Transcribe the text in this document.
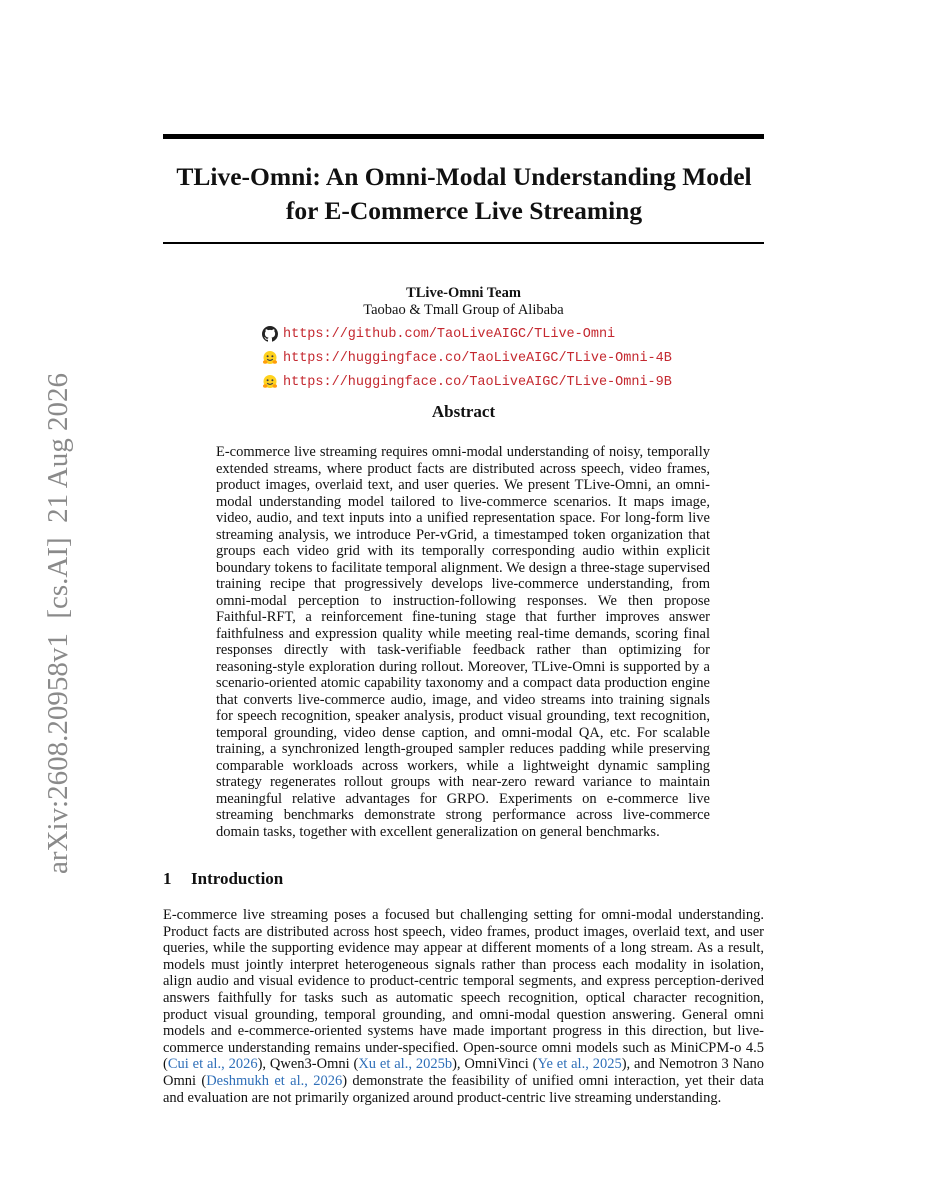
arXiv:2608.20958v1  [cs.AI]  21 Aug 2026
TLive-Omni: An Omni-Modal Understanding Model
for E-Commerce Live Streaming
TLive-Omni Team
Taobao & Tmall Group of Alibaba
https://github.com/TaoLiveAIGC/TLive-Omni
https://huggingface.co/TaoLiveAIGC/TLive-Omni-4B
https://huggingface.co/TaoLiveAIGC/TLive-Omni-9B
Abstract

E-commerce live streaming requires omni-modal understanding of noisy, temporally extended streams, where product facts are distributed across speech, video frames, product images, overlaid text, and user queries. We present TLive-Omni, an omni-modal understanding model tailored to live-commerce scenarios. It maps image, video, audio, and text inputs into a unified representation space. For long-form live streaming analysis, we introduce Per-vGrid, a timestamped token organization that groups each video grid with its temporally corresponding audio within explicit boundary tokens to facilitate temporal alignment. We design a three-stage supervised training recipe that progressively develops live-commerce understanding, from omni-modal perception to instruction-following responses. We then propose Faithful-RFT, a reinforcement fine-tuning stage that further improves answer faithfulness and expression quality while meeting real-time demands, scoring final responses directly with task-verifiable feedback rather than optimizing for reasoning-style exploration during rollout. Moreover, TLive-Omni is supported by a scenario-oriented atomic capability taxonomy and a compact data production engine that converts live-commerce audio, image, and video streams into training signals for speech recognition, speaker analysis, product visual grounding, text recognition, temporal grounding, video dense caption, and omni-modal QA, etc. For scalable training, a synchronized length-grouped sampler reduces padding while preserving comparable workloads across workers, while a lightweight dynamic sampling strategy regenerates rollout groups with near-zero reward variance to maintain meaningful relative advantages for GRPO. Experiments on e-commerce live streaming benchmarks demonstrate strong performance across live-commerce domain tasks, together with excellent generalization on general benchmarks.

1 Introduction

E-commerce live streaming poses a focused but challenging setting for omni-modal understanding. Product facts are distributed across host speech, video frames, product images, overlaid text, and user queries, while the supporting evidence may appear at different moments of a long stream. As a result, models must jointly interpret heterogeneous signals rather than process each modality in isolation, align audio and visual evidence to product-centric temporal segments, and express perception-derived answers faithfully for tasks such as automatic speech recognition, optical character recognition, product visual grounding, temporal grounding, and omni-modal question answering. General omni models and e-commerce-oriented systems have made important progress in this direction, but live-commerce understanding remains under-specified. Open-source omni models such as MiniCPM-o 4.5 (Cui et al., 2026), Qwen3-Omni (Xu et al., 2025b), OmniVinci (Ye et al., 2025), and Nemotron 3 Nano Omni (Deshmukh et al., 2026) demonstrate the feasibility of unified omni interaction, yet their data and evaluation are not primarily organized around product-centric live streaming understanding.
